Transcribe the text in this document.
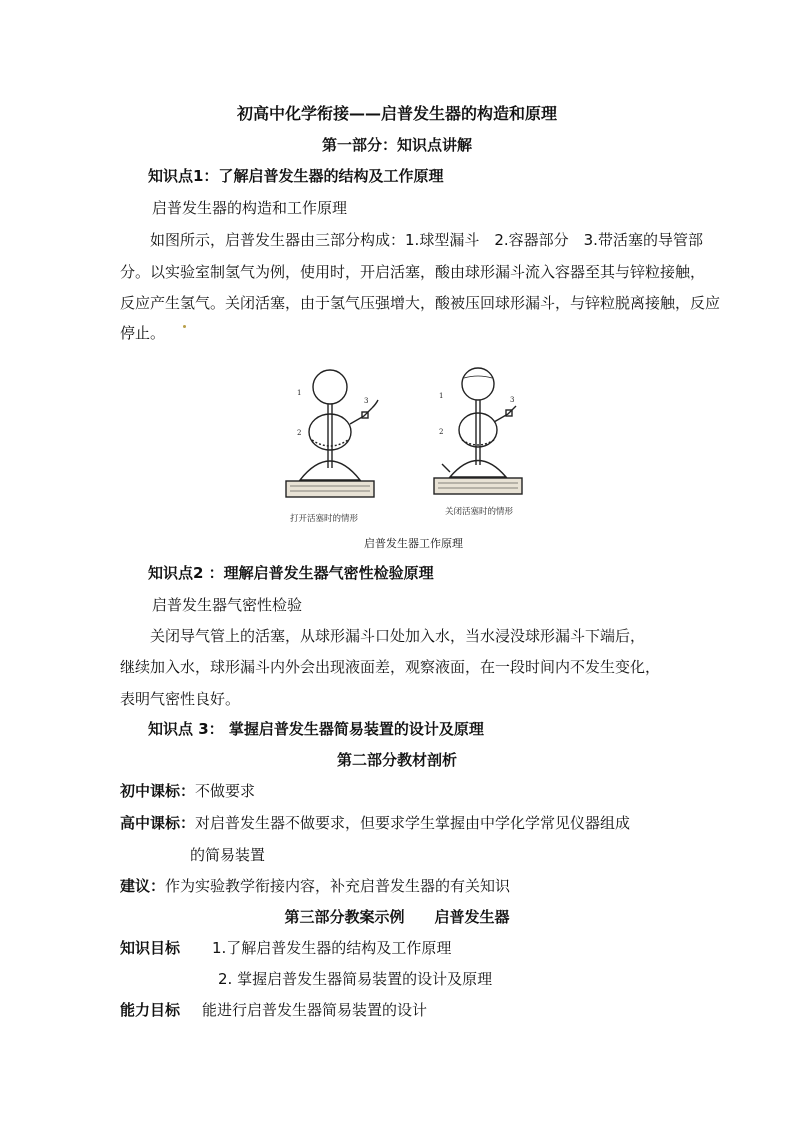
初高中化学衔接——启普发生器的构造和原理
第一部分：知识点讲解
知识点1：了解启普发生器的结构及工作原理
启普发生器的构造和工作原理
如图所示，启普发生器由三部分构成：1.球型漏斗　2.容器部分　3.带活塞的导管部
分。以实验室制氢气为例，使用时，开启活塞，酸由球形漏斗流入容器至其与锌粒接触，
反应产生氢气。关闭活塞，由于氢气压强增大，酸被压回球形漏斗，与锌粒脱离接触，反应
停止。
1
2
3
打开活塞时的情形
1
2
3
关闭活塞时的情形
启普发生器工作原理
知识点2 ：理解启普发生器气密性检验原理
启普发生器气密性检验
关闭导气管上的活塞，从球形漏斗口处加入水，当水浸没球形漏斗下端后，
继续加入水，球形漏斗内外会出现液面差，观察液面，在一段时间内不发生变化，
表明气密性良好。
知识点 3： 掌握启普发生器简易装置的设计及原理
第二部分教材剖析
初中课标：不做要求
高中课标：对启普发生器不做要求，但要求学生掌握由中学化学常见仪器组成
的简易装置
建议：作为实验教学衔接内容，补充启普发生器的有关知识
第三部分教案示例　　启普发生器
知识目标 1.了解启普发生器的结构及工作原理
2. 掌握启普发生器简易装置的设计及原理
能力目标 能进行启普发生器简易装置的设计
